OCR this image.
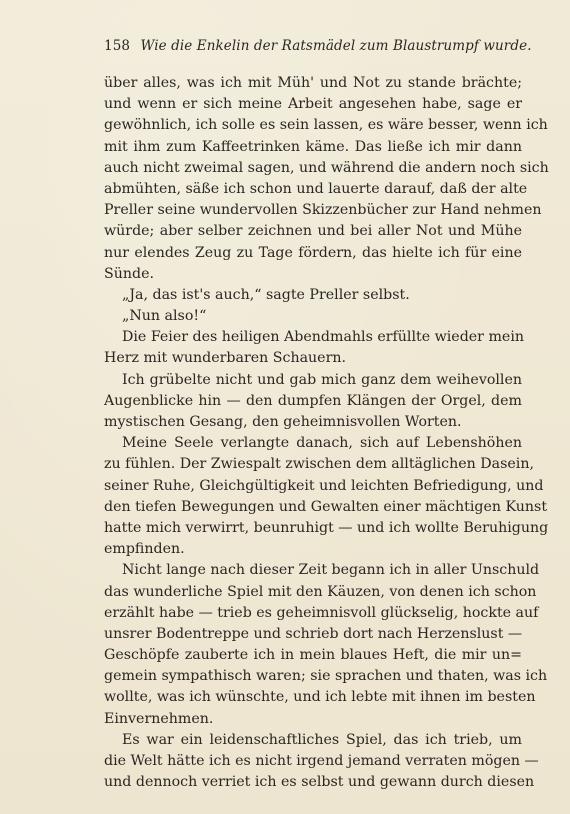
158 Wie die Enkelin der Ratsmädel zum Blaustrumpf wurde.
über alles, was ich mit Müh' und Not zu stande brächte;
und wenn er sich meine Arbeit angesehen habe, sage er
gewöhnlich, ich solle es sein lassen, es wäre besser, wenn ich
mit ihm zum Kaffeetrinken käme. Das ließe ich mir dann
auch nicht zweimal sagen, und während die andern noch sich
abmühten, säße ich schon und lauerte darauf, daß der alte
Preller seine wundervollen Skizzenbücher zur Hand nehmen
würde; aber selber zeichnen und bei aller Not und Mühe
nur elendes Zeug zu Tage fördern, das hielte ich für eine
Sünde.
„Ja, das ist's auch,“ sagte Preller selbst.
„Nun also!“
Die Feier des heiligen Abendmahls erfüllte wieder mein
Herz mit wunderbaren Schauern.
Ich grübelte nicht und gab mich ganz dem weihevollen
Augenblicke hin — den dumpfen Klängen der Orgel, dem
mystischen Gesang, den geheimnisvollen Worten.
Meine Seele verlangte danach, sich auf Lebenshöhen
zu fühlen. Der Zwiespalt zwischen dem alltäglichen Dasein,
seiner Ruhe, Gleichgültigkeit und leichten Befriedigung, und
den tiefen Bewegungen und Gewalten einer mächtigen Kunst
hatte mich verwirrt, beunruhigt — und ich wollte Beruhigung
empfinden.
Nicht lange nach dieser Zeit begann ich in aller Unschuld
das wunderliche Spiel mit den Käuzen, von denen ich schon
erzählt habe — trieb es geheimnisvoll glückselig, hockte auf
unsrer Bodentreppe und schrieb dort nach Herzenslust —
Geschöpfe zauberte ich in mein blaues Heft, die mir un=
gemein sympathisch waren; sie sprachen und thaten, was ich
wollte, was ich wünschte, und ich lebte mit ihnen im besten
Einvernehmen.
Es war ein leidenschaftliches Spiel, das ich trieb, um
die Welt hätte ich es nicht irgend jemand verraten mögen —
und dennoch verriet ich es selbst und gewann durch diesen
